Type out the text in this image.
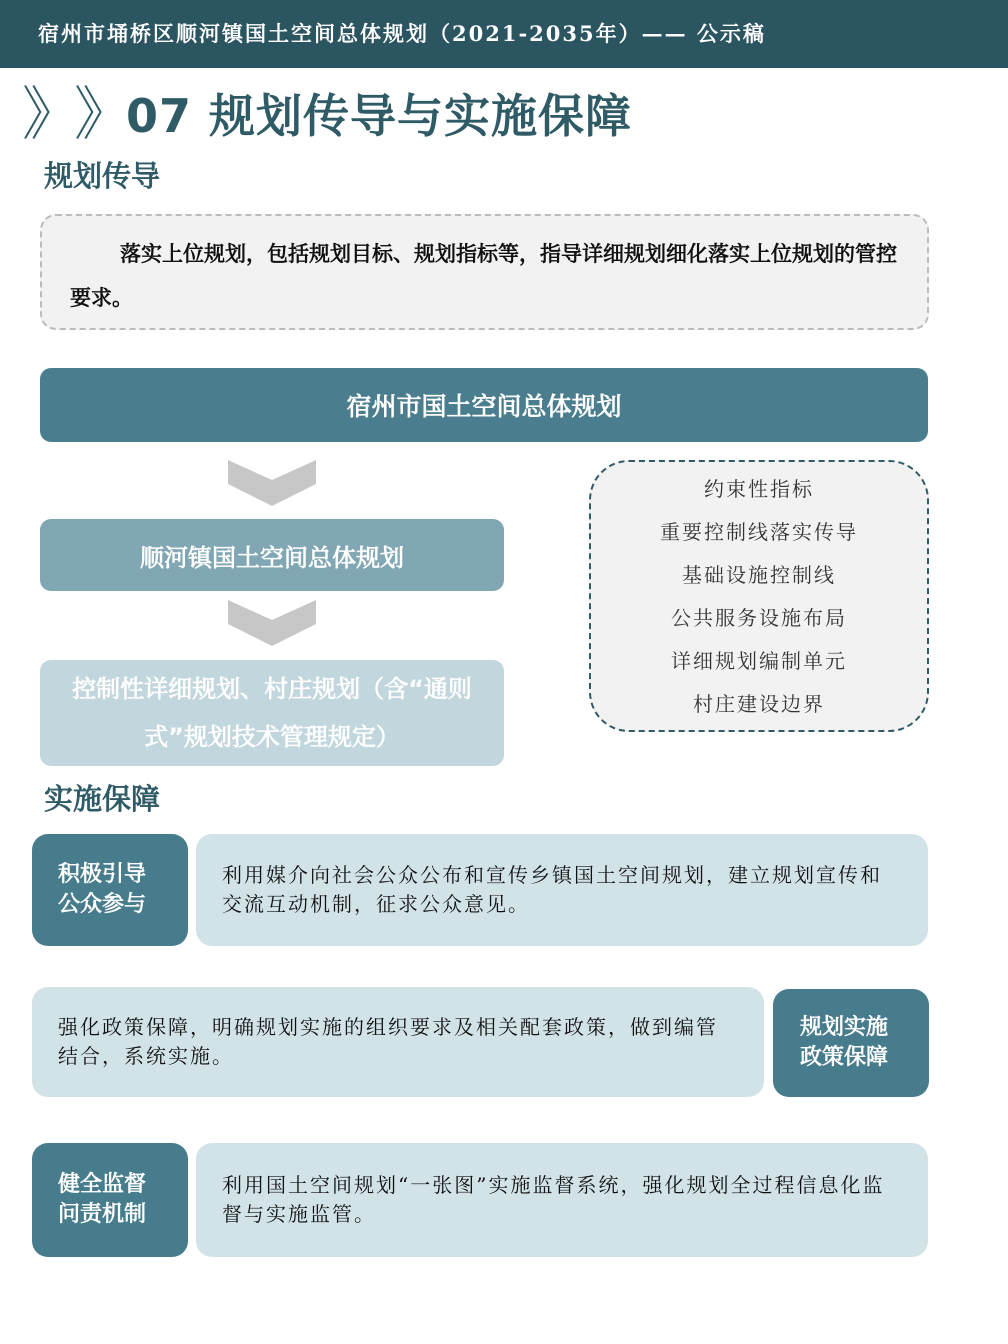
宿州市埇桥区顺河镇国土空间总体规划（2021-2035年）—— 公示稿
》
》
07 规划传导与实施保障
规划传导
落实上位规划，包括规划目标、规划指标等，指导详细规划细化落实上位规划的管控要求。
宿州市国土空间总体规划
顺河镇国土空间总体规划
控制性详细规划、村庄规划（含“通则式”规划技术管理规定）
约束性指标
重要控制线落实传导
基础设施控制线
公共服务设施布局
详细规划编制单元
村庄建设边界
实施保障
积极引导
公众参与
利用媒介向社会公众公布和宣传乡镇国土空间规划，建立规划宣传和交流互动机制，征求公众意见。
强化政策保障，明确规划实施的组织要求及相关配套政策，做到编管结合，系统实施。
规划实施
政策保障
健全监督
问责机制
利用国土空间规划“一张图”实施监督系统，强化规划全过程信息化监督与实施监管。
